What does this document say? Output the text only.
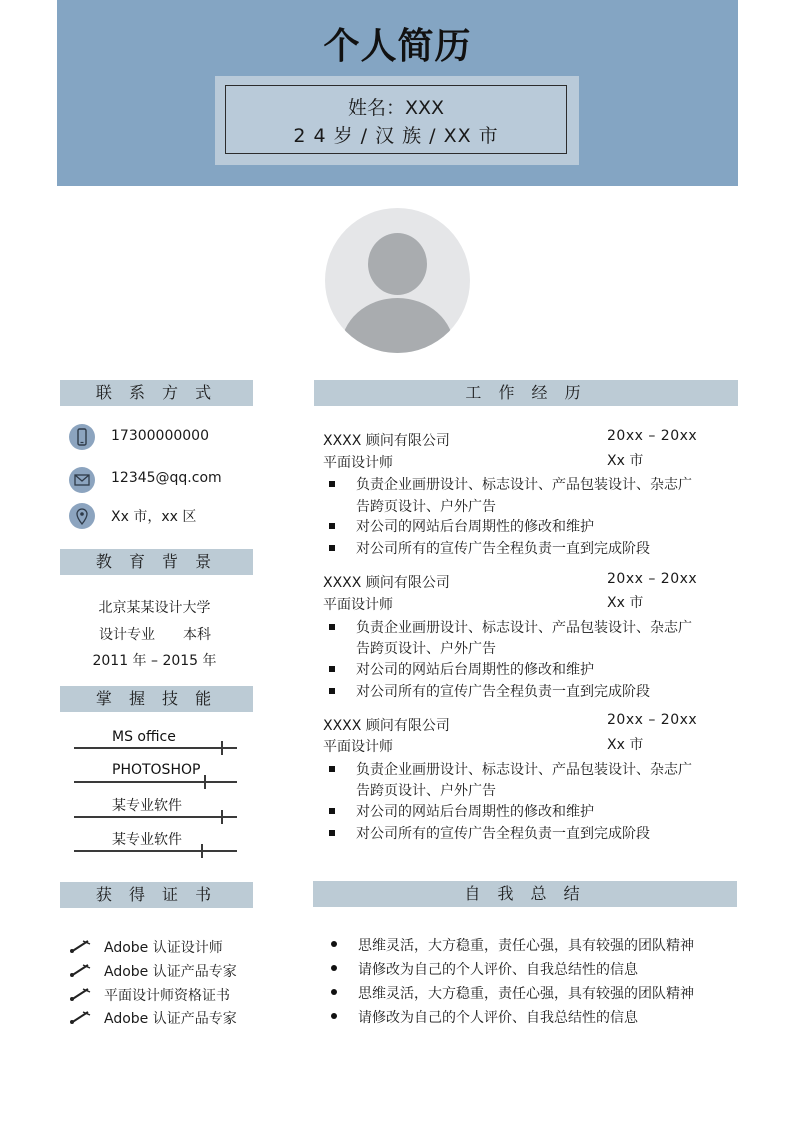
个人简历
姓名：XXX
2 4 岁 / 汉 族 / XX 市
联 系 方 式
17300000000
12345@qq.com
Xx 市，xx 区
教 育 背 景
北京某某设计大学
设计专业 本科
2011 年 – 2015 年
掌 握 技 能
MS office
PHOTOSHOP
某专业软件
某专业软件
获 得 证 书
Adobe 认证设计师
Adobe 认证产品专家
平面设计师资格证书
Adobe 认证产品专家
工 作 经 历
XXXX 顾问有限公司	20xx – 20xx
平面设计师	Xx 市
负责企业画册设计、标志设计、产品包装设计、杂志广
告跨页设计、户外广告
对公司的网站后台周期性的修改和维护
对公司所有的宣传广告全程负责一直到完成阶段
XXXX 顾问有限公司	20xx – 20xx
平面设计师	Xx 市
负责企业画册设计、标志设计、产品包装设计、杂志广
告跨页设计、户外广告
对公司的网站后台周期性的修改和维护
对公司所有的宣传广告全程负责一直到完成阶段
XXXX 顾问有限公司	20xx – 20xx
平面设计师	Xx 市
负责企业画册设计、标志设计、产品包装设计、杂志广
告跨页设计、户外广告
对公司的网站后台周期性的修改和维护
对公司所有的宣传广告全程负责一直到完成阶段
自 我 总 结
思维灵活，大方稳重，责任心强，具有较强的团队精神
请修改为自己的个人评价、自我总结性的信息
思维灵活，大方稳重，责任心强，具有较强的团队精神
请修改为自己的个人评价、自我总结性的信息
